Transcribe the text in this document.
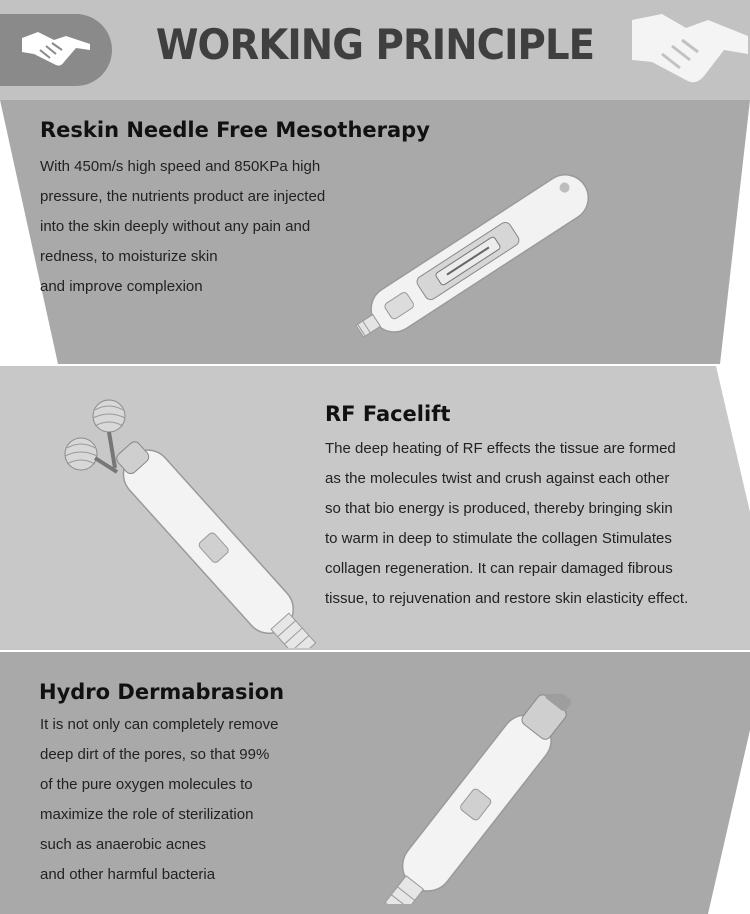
WORKING PRINCIPLE
Reskin Needle Free Mesotherapy
With 450m/s high speed and 850KPa high
pressure, the nutrients product are injected
into the skin deeply without any pain and
redness, to moisturize skin
and improve complexion
RF Facelift
The deep heating of RF effects the tissue are formed
as the molecules twist and crush against each other
so that bio energy is produced, thereby bringing skin
to warm in deep to stimulate the collagen Stimulates
collagen regeneration. It can repair damaged fibrous
tissue, to rejuvenation and restore skin elasticity effect.
Hydro Dermabrasion
It is not only can completely remove
deep dirt of the pores, so that 99%
of the pure oxygen molecules to
maximize the role of sterilization
such as anaerobic acnes
and other harmful bacteria
